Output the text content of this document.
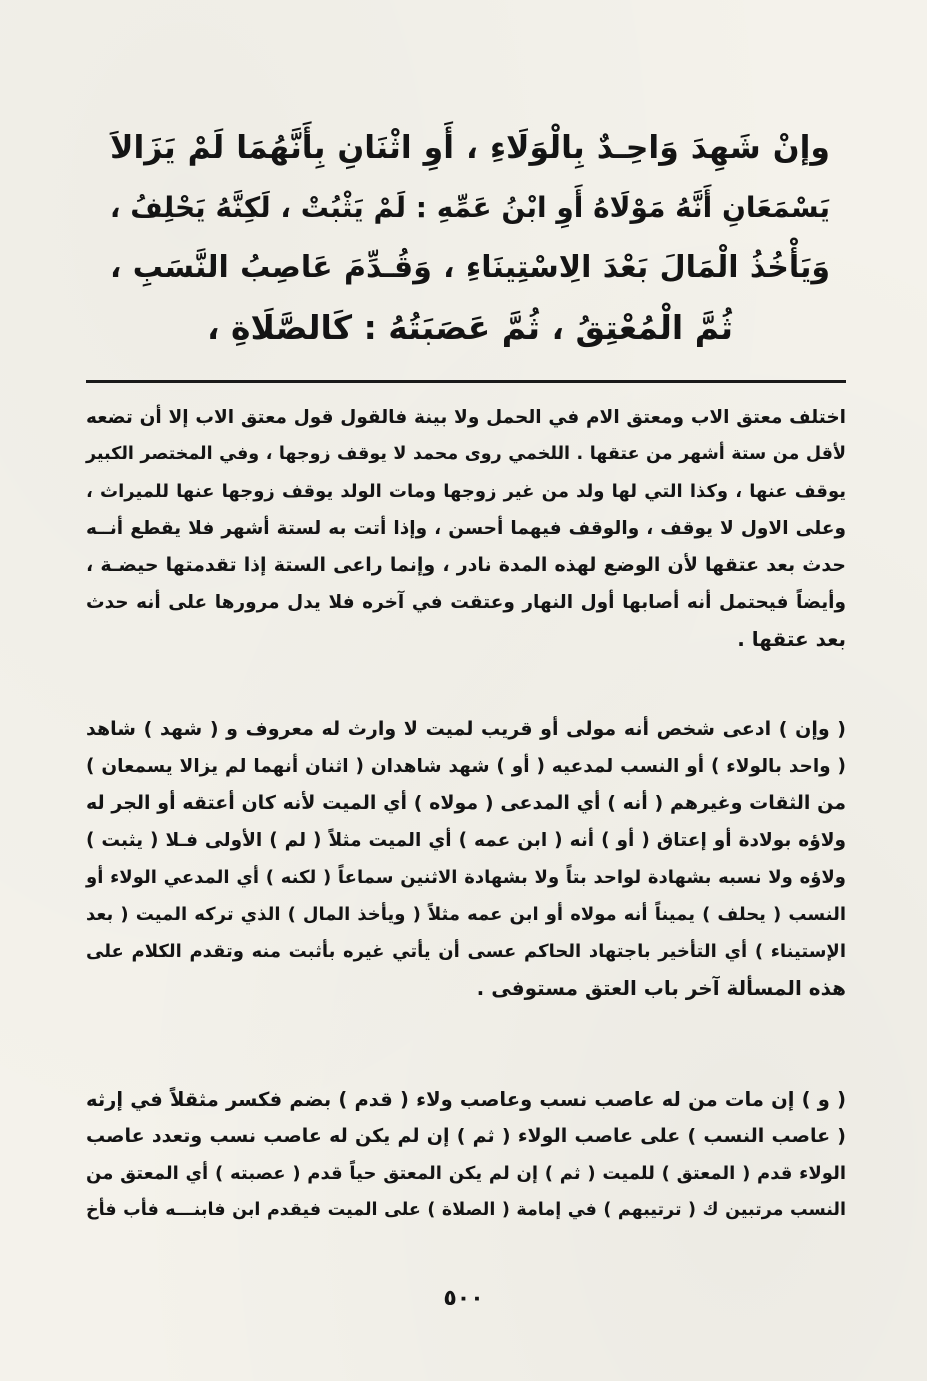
وإنْ شَهِدَ وَاحِـدٌ بِالْوَلَاءِ ، أَوِ اثْنَانِ بِأَنَّهُمَا لَمْ يَزَالاَ
يَسْمَعَانِ أَنَّهُ مَوْلَاهُ أَوِ ابْنُ عَمِّهِ : لَمْ يَثْبُتْ ، لَكِنَّهُ يَحْلِفُ ،
وَيَأْخُذُ الْمَالَ بَعْدَ الِاسْتِينَاءِ ، وَقُـدِّمَ عَاصِبُ النَّسَبِ ،
ثُمَّ الْمُعْتِقُ ، ثُمَّ عَصَبَتُهُ : كَالصَّلَاةِ ،
اختلف معتق الاب ومعتق الام في الحمل ولا بينة فالقول قول معتق الاب إلا أن تضعه
لأقل من ستة أشهر من عتقها . اللخمي روى محمد لا يوقف زوجها ، وفي المختصر الكبير
يوقف عنها ، وكذا التي لها ولد من غير زوجها ومات الولد يوقف زوجها عنها للميراث ،
وعلى الاول لا يوقف ، والوقف فيهما أحسن ، وإذا أتت به لستة أشهر فلا يقطع أنــه
حدث بعد عتقها لأن الوضع لهذه المدة نادر ، وإنما راعى الستة إذا تقدمتها حيضـة ،
وأيضاً فيحتمل أنه أصابها أول النهار وعتقت في آخره فلا يدل مرورها على أنه حدث
بعد عتقها .
( وإن ) ادعى شخص أنه مولى أو قريب لميت لا وارث له معروف و ( شهد ) شاهد
( واحد بالولاء ) أو النسب لمدعيه ( أو ) شهد شاهدان ( اثنان أنهما لم يزالا يسمعان )
من الثقات وغيرهم ( أنه ) أي المدعى ( مولاه ) أي الميت لأنه كان أعتقه أو الجر له
ولاؤه بولادة أو إعتاق ( أو ) أنه ( ابن عمه ) أي الميت مثلاً ( لم ) الأولى فـلا ( يثبت )
ولاؤه ولا نسبه بشهادة لواحد بتاً ولا بشهادة الاثنين سماعاً ( لكنه ) أي المدعي الولاء أو
النسب ( يحلف ) يميناً أنه مولاه أو ابن عمه مثلاً ( ويأخذ المال ) الذي تركه الميت ( بعد
الإستيناء ) أي التأخير باجتهاد الحاكم عسى أن يأتي غيره بأثبت منه وتقدم الكلام على
هذه المسألة آخر باب العتق مستوفى .
( و ) إن مات من له عاصب نسب وعاصب ولاء ( قدم ) بضم فكسر مثقلاً في إرثه
( عاصب النسب ) على عاصب الولاء ( ثم ) إن لم يكن له عاصب نسب وتعدد عاصب
الولاء قدم ( المعتق ) للميت ( ثم ) إن لم يكن المعتق حياً قدم ( عصبته ) أي المعتق من
النسب مرتبين ك ( ترتيبهم ) في إمامة ( الصلاة ) على الميت فيقدم ابن فابنـــه فأب فأخ
٥٠٠
